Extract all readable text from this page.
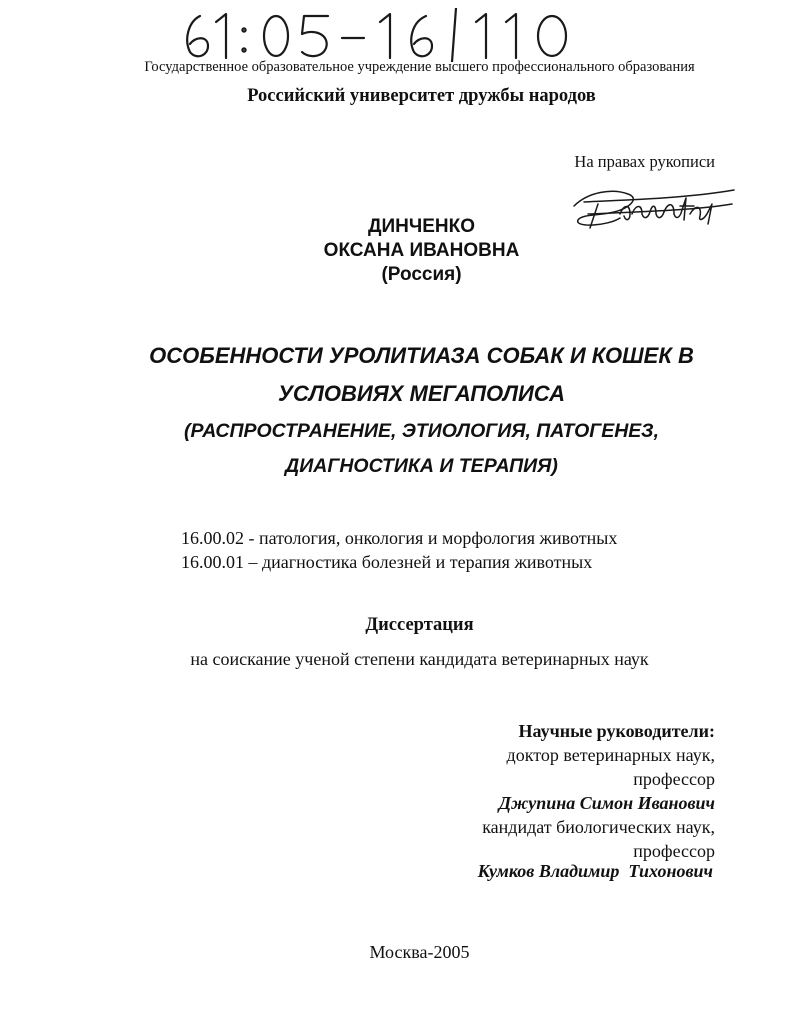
Государственное образовательное учреждение высшего профессионального образования
Российский университет дружбы народов
На правах рукописи
ДИНЧЕНКО
ОКСАНА ИВАНОВНА
(Россия)
ОСОБЕННОСТИ УРОЛИТИАЗА СОБАК И КОШЕК В
УСЛОВИЯХ МЕГАПОЛИСА
(РАСПРОСТРАНЕНИЕ, ЭТИОЛОГИЯ, ПАТОГЕНЕЗ,
ДИАГНОСТИКА И ТЕРАПИЯ)
16.00.02 - патология, онкология и морфология животных
16.00.01 – диагностика болезней и терапия животных
Диссертация
на соискание ученой степени кандидата ветеринарных наук
Научные руководители:
доктор ветеринарных наук,
профессор
Джупина Симон Иванович
кандидат биологических наук,
профессор
Кумков Владимир  Тихонович
Москва-2005
